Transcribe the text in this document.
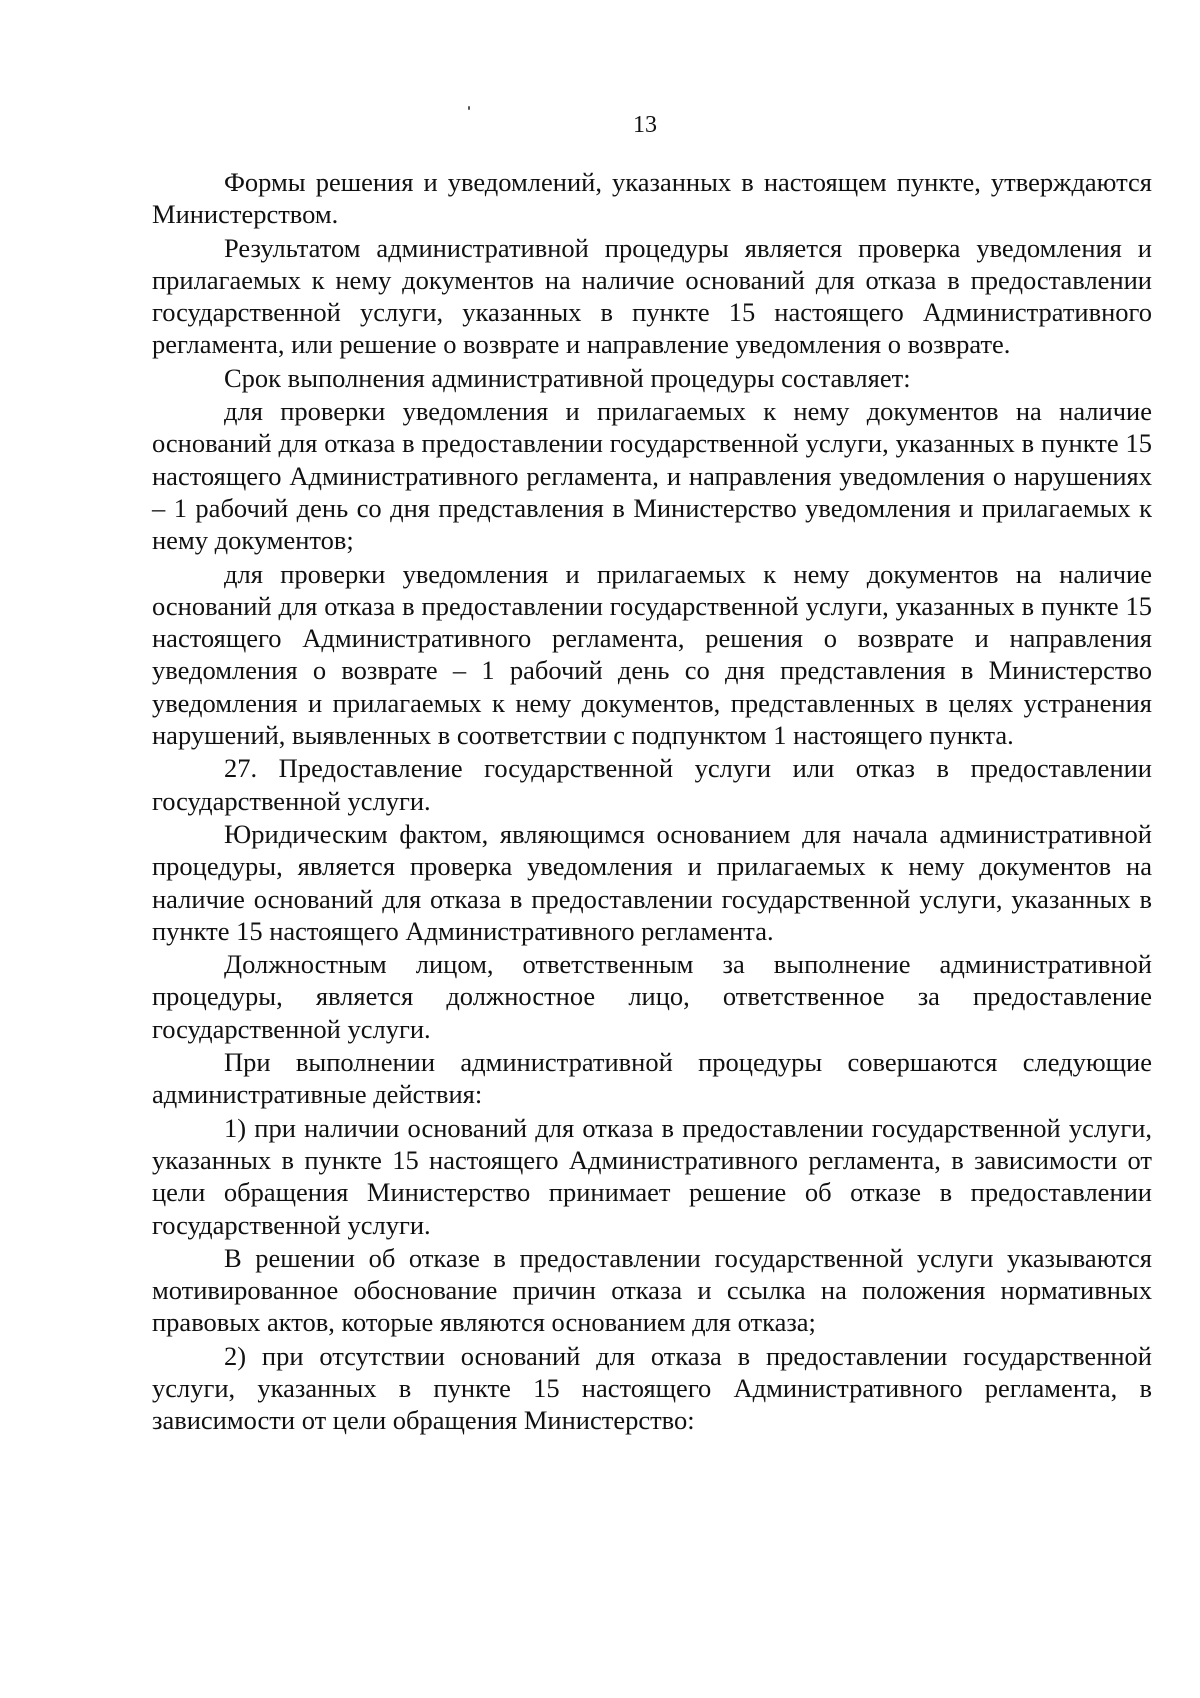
13

Формы решения и уведомлений, указанных в настоящем пункте, утверждаются Министерством.

Результатом административной процедуры является проверка уведомления и прилагаемых к нему документов на наличие оснований для отказа в предоставлении государственной услуги, указанных в пункте 15 настоящего Административного регламента, или решение о возврате и направление уведомления о возврате.

Срок выполнения административной процедуры составляет:

для проверки уведомления и прилагаемых к нему документов на наличие оснований для отказа в предоставлении государственной услуги, указанных в пункте 15 настоящего Административного регламента, и направления уведомления о нарушениях – 1 рабочий день со дня представления в Министерство уведомления и прилагаемых к нему документов;

для проверки уведомления и прилагаемых к нему документов на наличие оснований для отказа в предоставлении государственной услуги, указанных в пункте 15 настоящего Административного регламента, решения о возврате и направления уведомления о возврате – 1 рабочий день со дня представления в Министерство уведомления и прилагаемых к нему документов, представленных в целях устранения нарушений, выявленных в соответствии с подпунктом 1 настоящего пункта.

27. Предоставление государственной услуги или отказ в предоставлении государственной услуги.

Юридическим фактом, являющимся основанием для начала административной процедуры, является проверка уведомления и прилагаемых к нему документов на наличие оснований для отказа в предоставлении государственной услуги, указанных в пункте 15 настоящего Административного регламента.

Должностным лицом, ответственным за выполнение административной процедуры, является должностное лицо, ответственное за предоставление государственной услуги.

При выполнении административной процедуры совершаются следующие административные действия:

1) при наличии оснований для отказа в предоставлении государственной услуги, указанных в пункте 15 настоящего Административного регламента, в зависимости от цели обращения Министерство принимает решение об отказе в предоставлении государственной услуги.

В решении об отказе в предоставлении государственной услуги указываются мотивированное обоснование причин отказа и ссылка на положения нормативных правовых актов, которые являются основанием для отказа;

2) при отсутствии оснований для отказа в предоставлении государственной услуги, указанных в пункте 15 настоящего Административного регламента, в зависимости от цели обращения Министерство:
